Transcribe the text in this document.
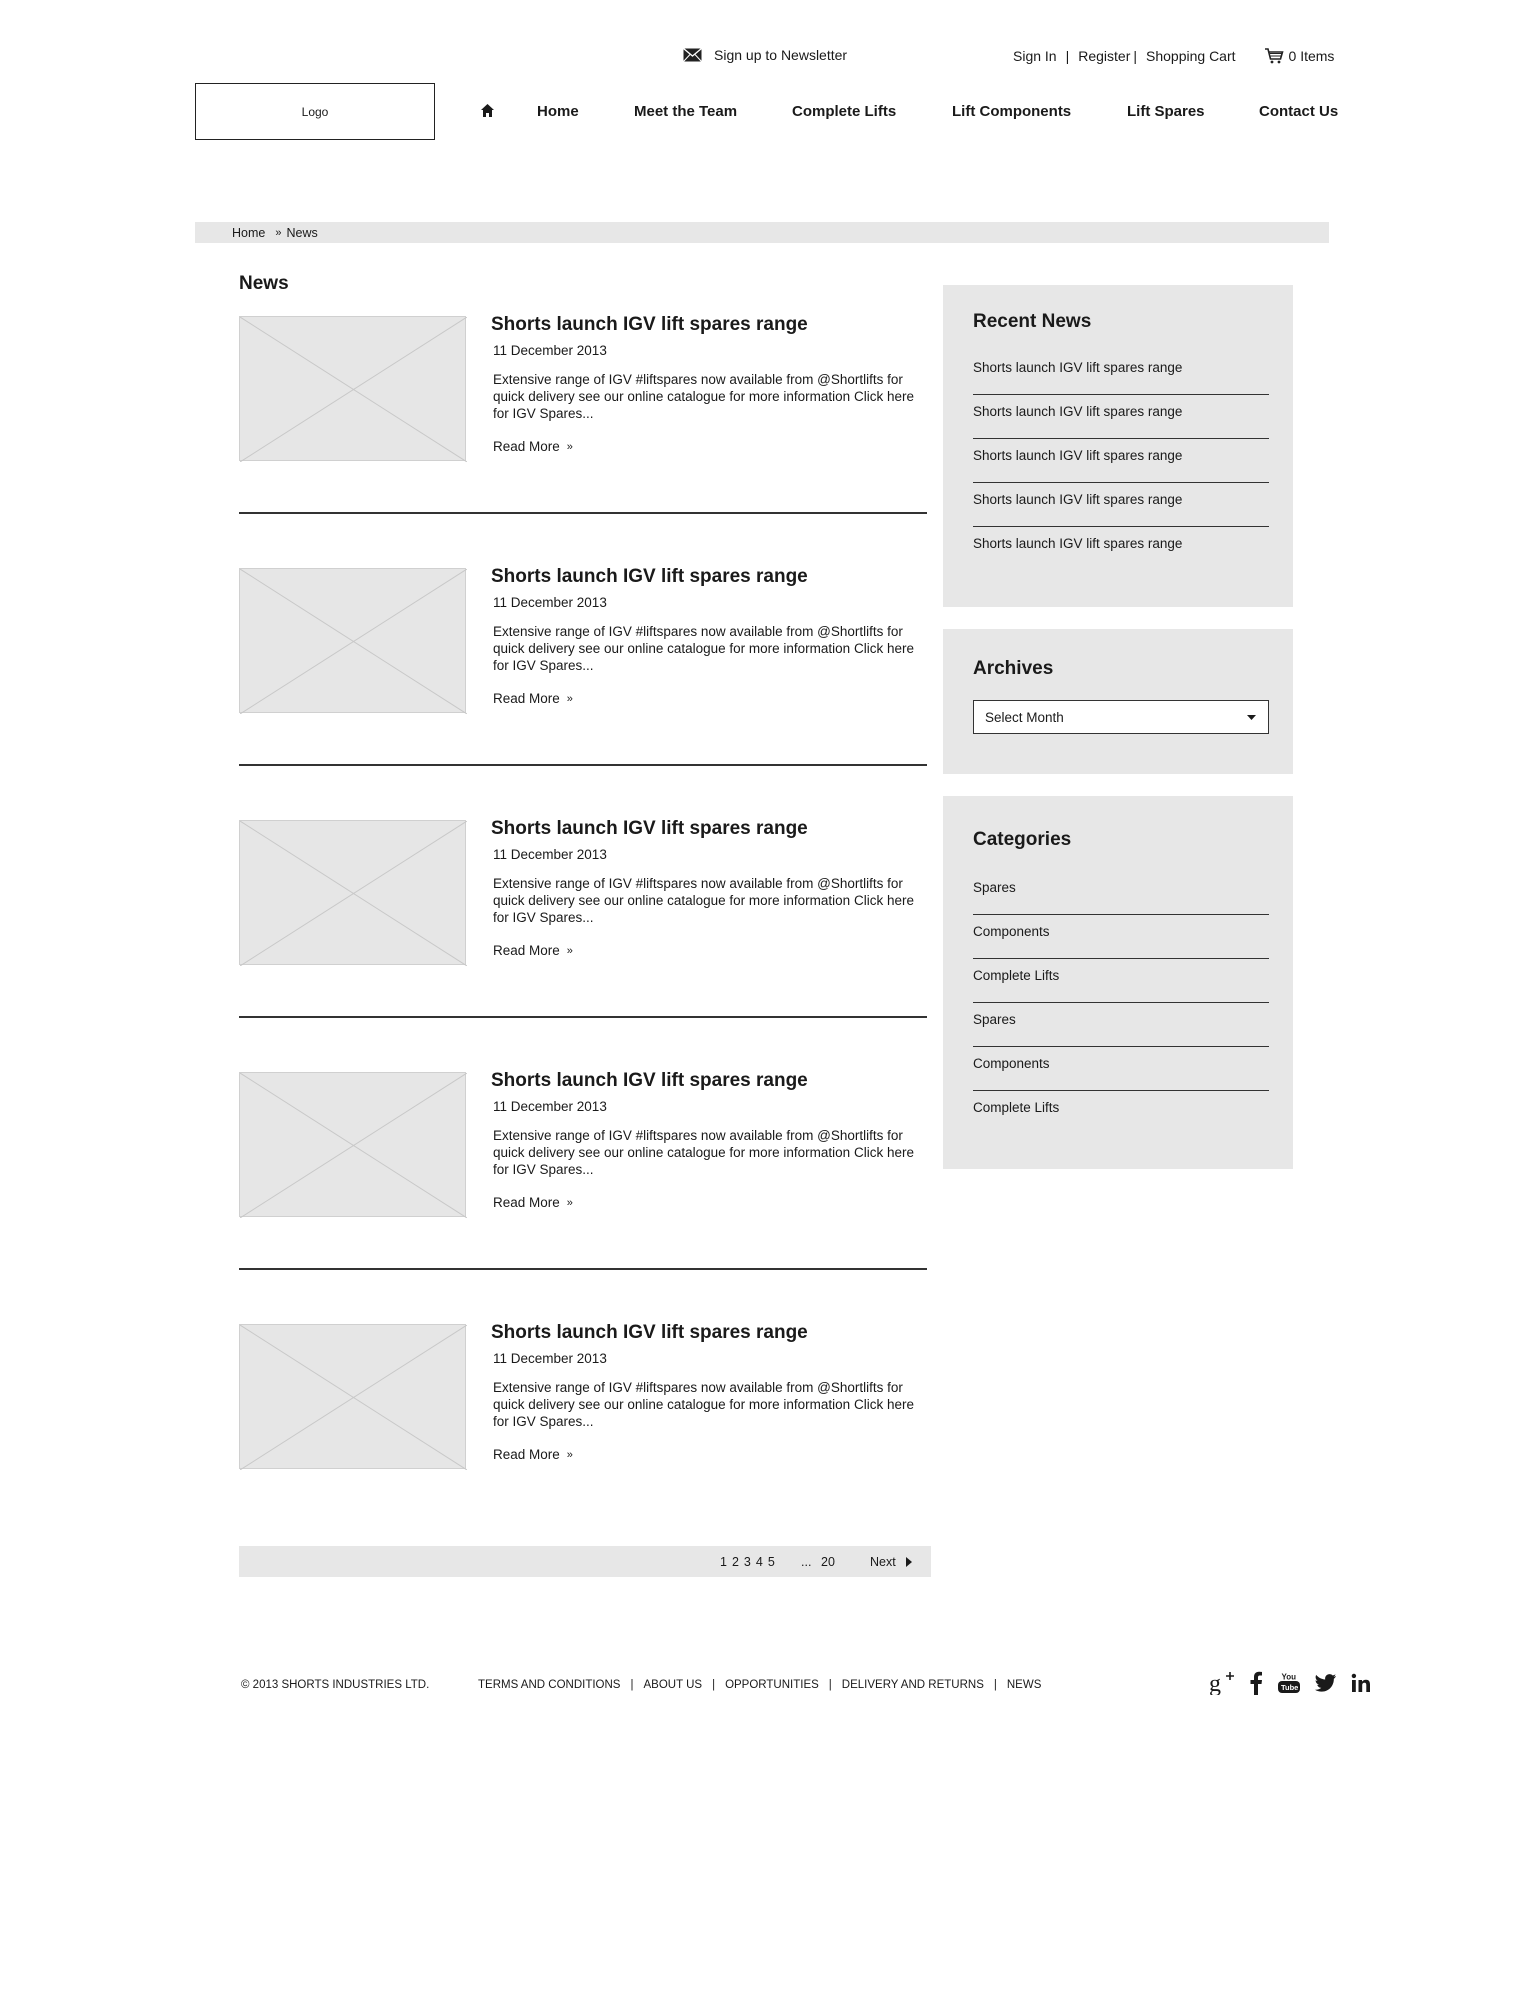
Sign up to Newsletter	Sign In | Register | Shopping Cart	0 Items
Logo	Home	Meet the Team	Complete Lifts	Lift Components	Lift Spares	Contact Us
Home » News
News
Shorts launch IGV lift spares range
11 December 2013

Extensive range of IGV #liftspares now available from @Shortlifts for quick delivery see our online catalogue for more information Click here for IGV Spares...

Read More »
Shorts launch IGV lift spares range
11 December 2013

Extensive range of IGV #liftspares now available from @Shortlifts for quick delivery see our online catalogue for more information Click here for IGV Spares...

Read More »
Shorts launch IGV lift spares range
11 December 2013

Extensive range of IGV #liftspares now available from @Shortlifts for quick delivery see our online catalogue for more information Click here for IGV Spares...

Read More »
Shorts launch IGV lift spares range
11 December 2013

Extensive range of IGV #liftspares now available from @Shortlifts for quick delivery see our online catalogue for more information Click here for IGV Spares...

Read More »
Shorts launch IGV lift spares range
11 December 2013

Extensive range of IGV #liftspares now available from @Shortlifts for quick delivery see our online catalogue for more information Click here for IGV Spares...

Read More »
1 2 3 4 5 ... 20	Next
Recent News
Shorts launch IGV lift spares range
Shorts launch IGV lift spares range
Shorts launch IGV lift spares range
Shorts launch IGV lift spares range
Shorts launch IGV lift spares range
Archives
Select Month
Categories
Spares
Components
Complete Lifts
Spares
Components
Complete Lifts
© 2013 SHORTS INDUSTRIES LTD.	TERMS AND CONDITIONS | ABOUT US | OPPORTUNITIES | DELIVERY AND RETURNS | NEWS	g	You
Tube
